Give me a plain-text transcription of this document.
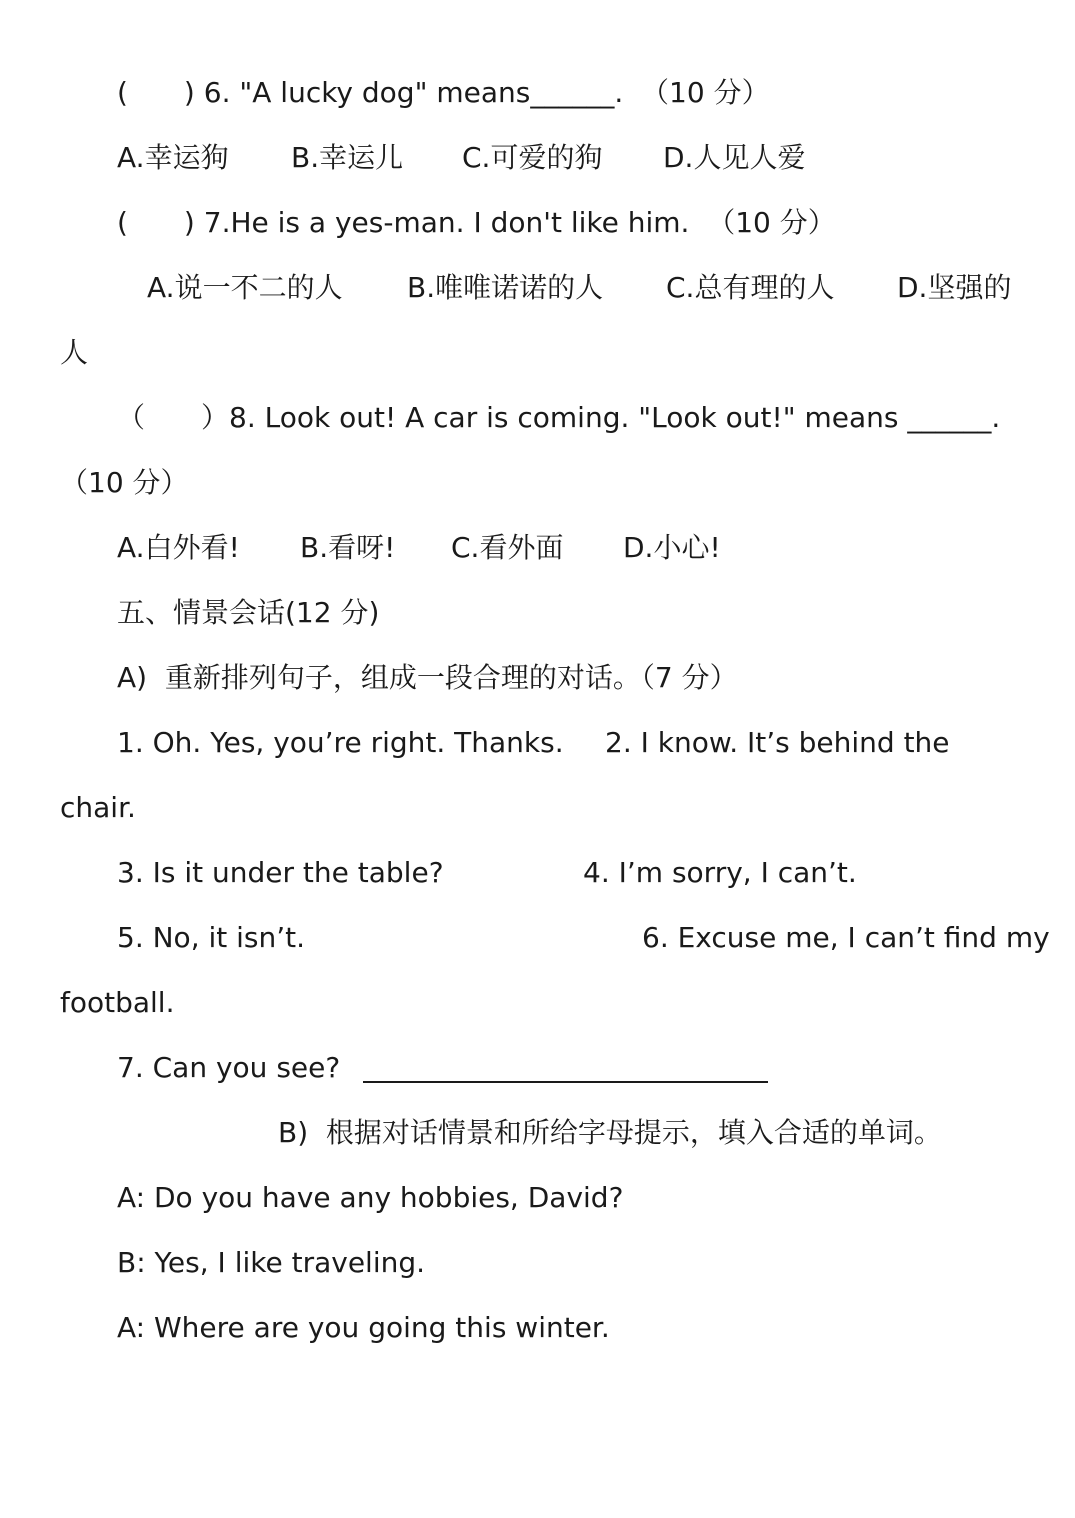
(　　) 6. "A lucky dog" means______.  （10 分）
A.幸运狗 B.幸运儿 C.可爱的狗 D.人见人爱
(　　) 7.He is a yes-man. I don't like him.  （10 分）
A.说一不二的人 B.唯唯诺诺的人 C.总有理的人 D.坚强的
人
（　　）8. Look out! A car is coming. "Look out!" means ______.
（10 分）
A.白外看! B.看呀! C.看外面 D.小心!
五、情景会话(12 分)
A)  重新排列句子，组成一段合理的对话。（7 分）
1. Oh. Yes, you’re right. Thanks. 2. I know. It’s behind the
chair.
3. Is it under the table?	4. I’m sorry, I can’t.
5. No, it isn’t.	6. Excuse me, I can’t find my
football.
7. Can you see?
B)  根据对话情景和所给字母提示，填入合适的单词。
A: Do you have any hobbies, David?
B: Yes, I like traveling.
A: Where are you going this winter.
